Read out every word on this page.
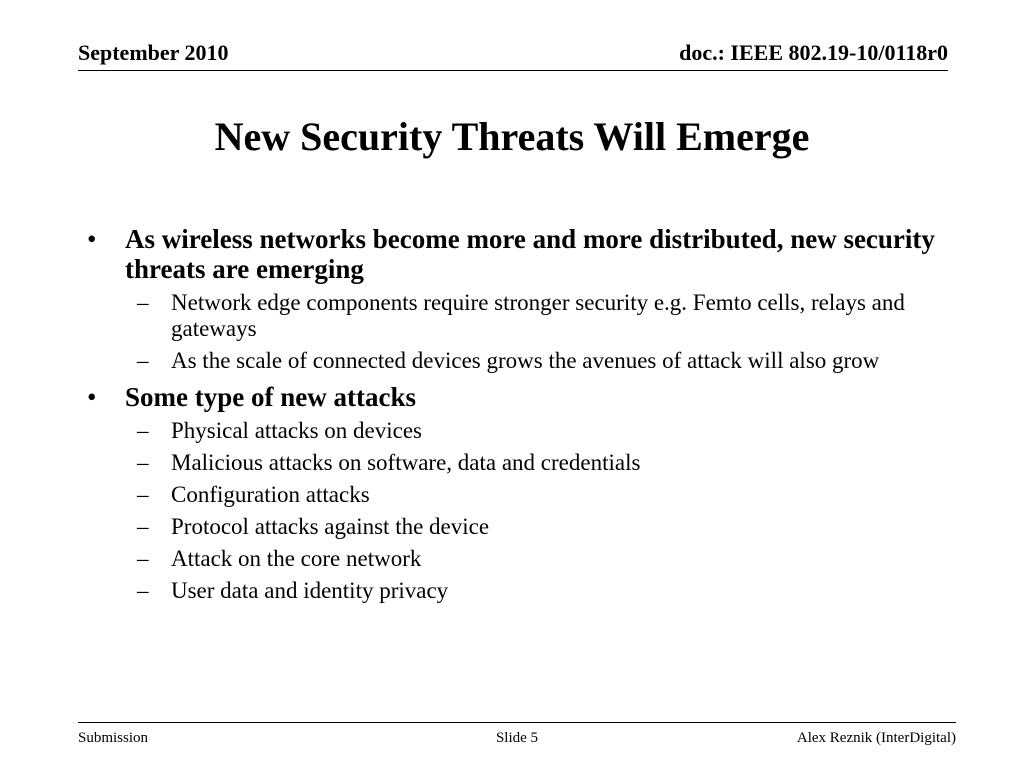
September 2010	doc.: IEEE 802.19-10/0118r0
New Security Threats Will Emerge
• As wireless networks become more and more distributed, new security threats are emerging
– Network edge components require stronger security e.g. Femto cells, relays and gateways
– As the scale of connected devices grows the avenues of attack will also grow
• Some type of new attacks
– Physical attacks on devices
– Malicious attacks on software, data and credentials
– Configuration attacks
– Protocol attacks against the device
– Attack on the core network
– User data and identity privacy
Submission	Slide 5	Alex Reznik (InterDigital)
